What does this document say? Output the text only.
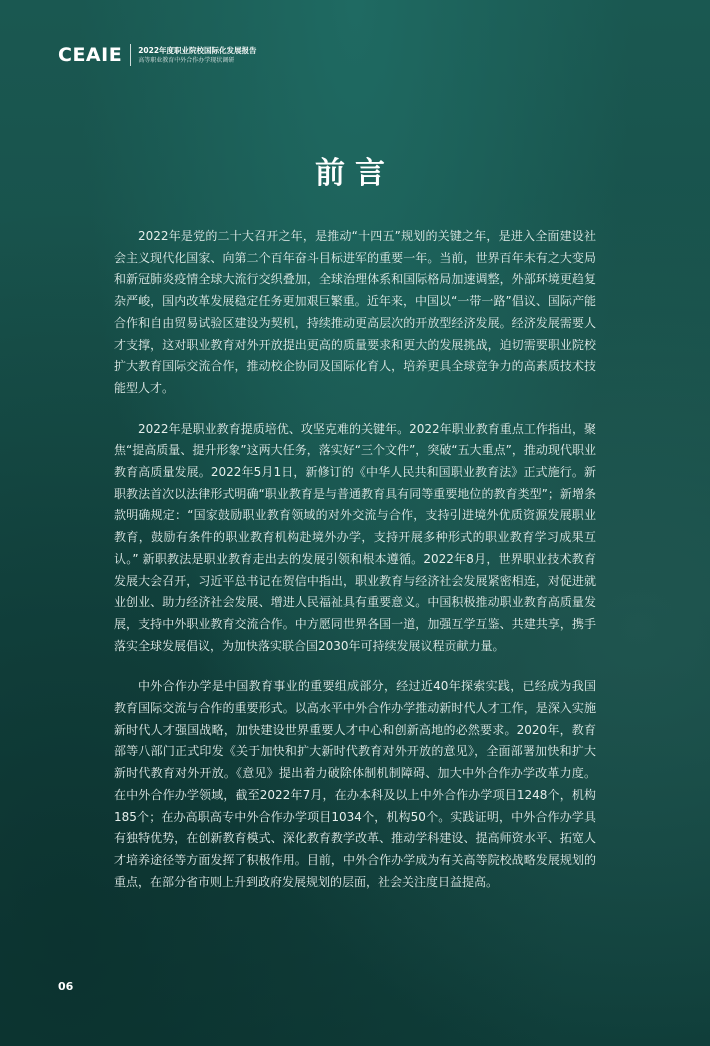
CEAIE 2022年度职业院校国际化发展报告
高等职业教育中外合作办学现状调研
前言

2022年是党的二十大召开之年，是推动“十四五”规划的关键之年，是进入全面建设社会主义现代化国家、向第二个百年奋斗目标进军的重要一年。当前，世界百年未有之大变局和新冠肺炎疫情全球大流行交织叠加，全球治理体系和国际格局加速调整，外部环境更趋复杂严峻，国内改革发展稳定任务更加艰巨繁重。近年来，中国以“一带一路”倡议、国际产能合作和自由贸易试验区建设为契机，持续推动更高层次的开放型经济发展。经济发展需要人才支撑，这对职业教育对外开放提出更高的质量要求和更大的发展挑战，迫切需要职业院校扩大教育国际交流合作，推动校企协同及国际化育人，培养更具全球竞争力的高素质技术技能型人才。

2022年是职业教育提质培优、攻坚克难的关键年。2022年职业教育重点工作指出，聚焦“提高质量、提升形象”这两大任务，落实好“三个文件”，突破“五大重点”，推动现代职业教育高质量发展。2022年5月1日，新修订的《中华人民共和国职业教育法》正式施行。新职教法首次以法律形式明确“职业教育是与普通教育具有同等重要地位的教育类型”；新增条款明确规定：“国家鼓励职业教育领域的对外交流与合作，支持引进境外优质资源发展职业教育，鼓励有条件的职业教育机构赴境外办学，支持开展多种形式的职业教育学习成果互认。” 新职教法是职业教育走出去的发展引领和根本遵循。2022年8月，世界职业技术教育发展大会召开，习近平总书记在贺信中指出，职业教育与经济社会发展紧密相连，对促进就业创业、助力经济社会发展、增进人民福祉具有重要意义。中国积极推动职业教育高质量发展，支持中外职业教育交流合作。中方愿同世界各国一道，加强互学互鉴、共建共享，携手落实全球发展倡议，为加快落实联合国2030年可持续发展议程贡献力量。

中外合作办学是中国教育事业的重要组成部分，经过近40年探索实践，已经成为我国教育国际交流与合作的重要形式。以高水平中外合作办学推动新时代人才工作，是深入实施新时代人才强国战略，加快建设世界重要人才中心和创新高地的必然要求。2020年，教育部等八部门正式印发《关于加快和扩大新时代教育对外开放的意见》，全面部署加快和扩大新时代教育对外开放。《意见》提出着力破除体制机制障碍、加大中外合作办学改革力度。在中外合作办学领域，截至2022年7月，在办本科及以上中外合作办学项目1248个，机构185个；在办高职高专中外合作办学项目1034个，机构50个。实践证明，中外合作办学具有独特优势，在创新教育模式、深化教育教学改革、推动学科建设、提高师资水平、拓宽人才培养途径等方面发挥了积极作用。目前，中外合作办学成为有关高等院校战略发展规划的重点，在部分省市则上升到政府发展规划的层面，社会关注度日益提高。

06
